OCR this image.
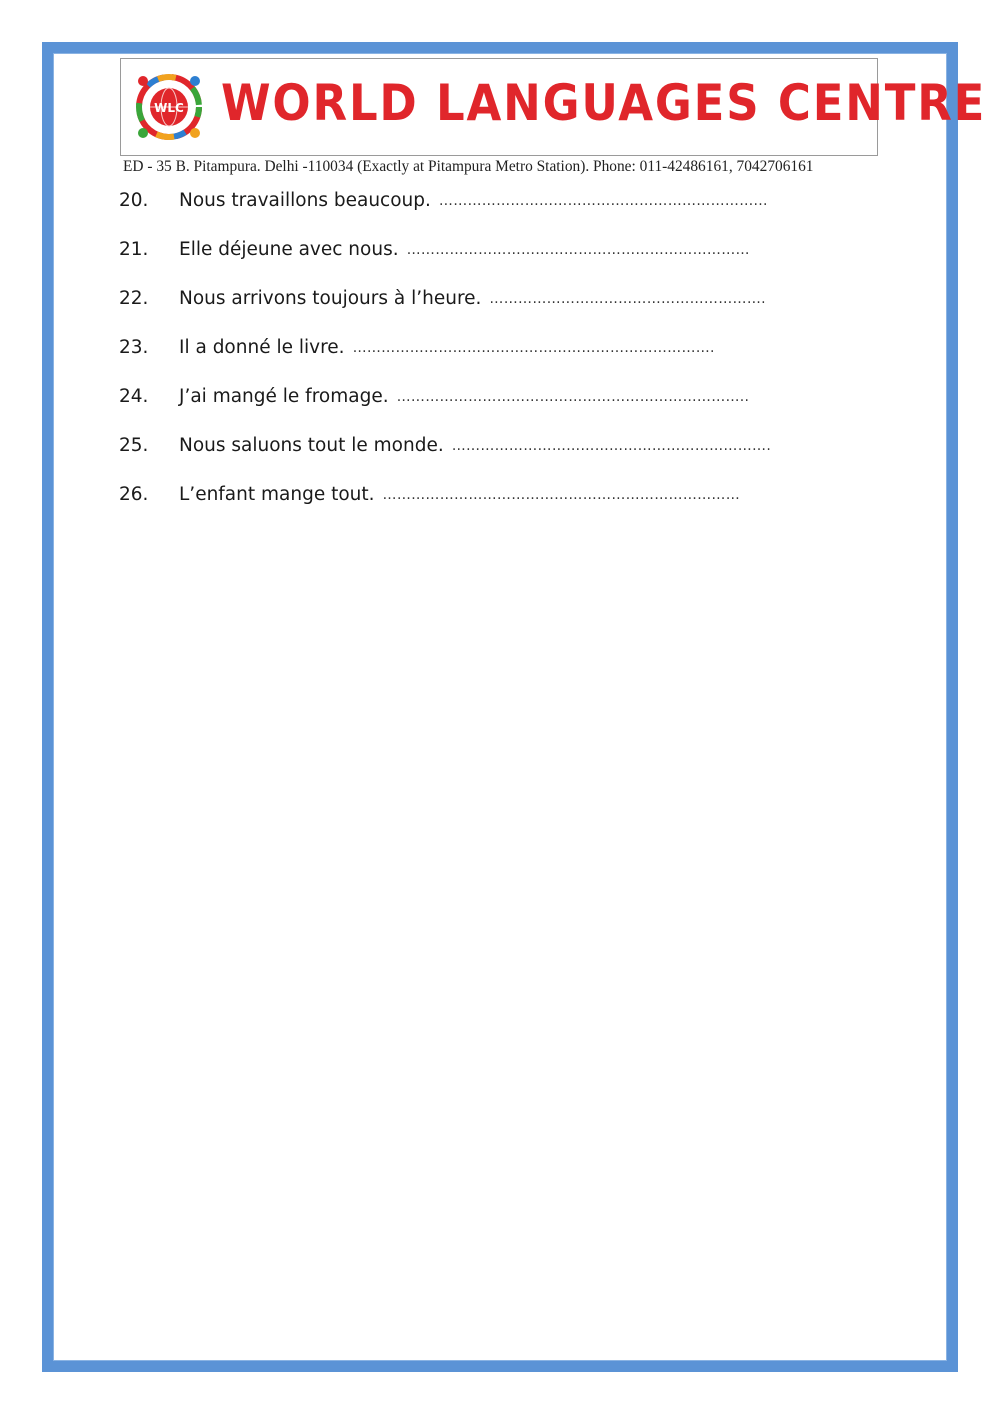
WLC WORLD LANGUAGES CENTRE
ED - 35 B. Pitampura. Delhi -110034 (Exactly at Pitampura Metro Station). Phone: 011-42486161, 7042706161
20.	Nous travaillons beaucoup. …………………………………………………………...
21.	Elle déjeune avec nous. ………………………………………………………………
22.	Nous arrivons toujours à l’heure. ………………………………………………….
23.	Il a donné le livre. ………………………………………………………………….
24.	J’ai mangé le fromage. ………………………………………………………………..
25.	Nous saluons tout le monde. ………………………………………………………….
26.	L’enfant mange tout. …………………………………………………………………
